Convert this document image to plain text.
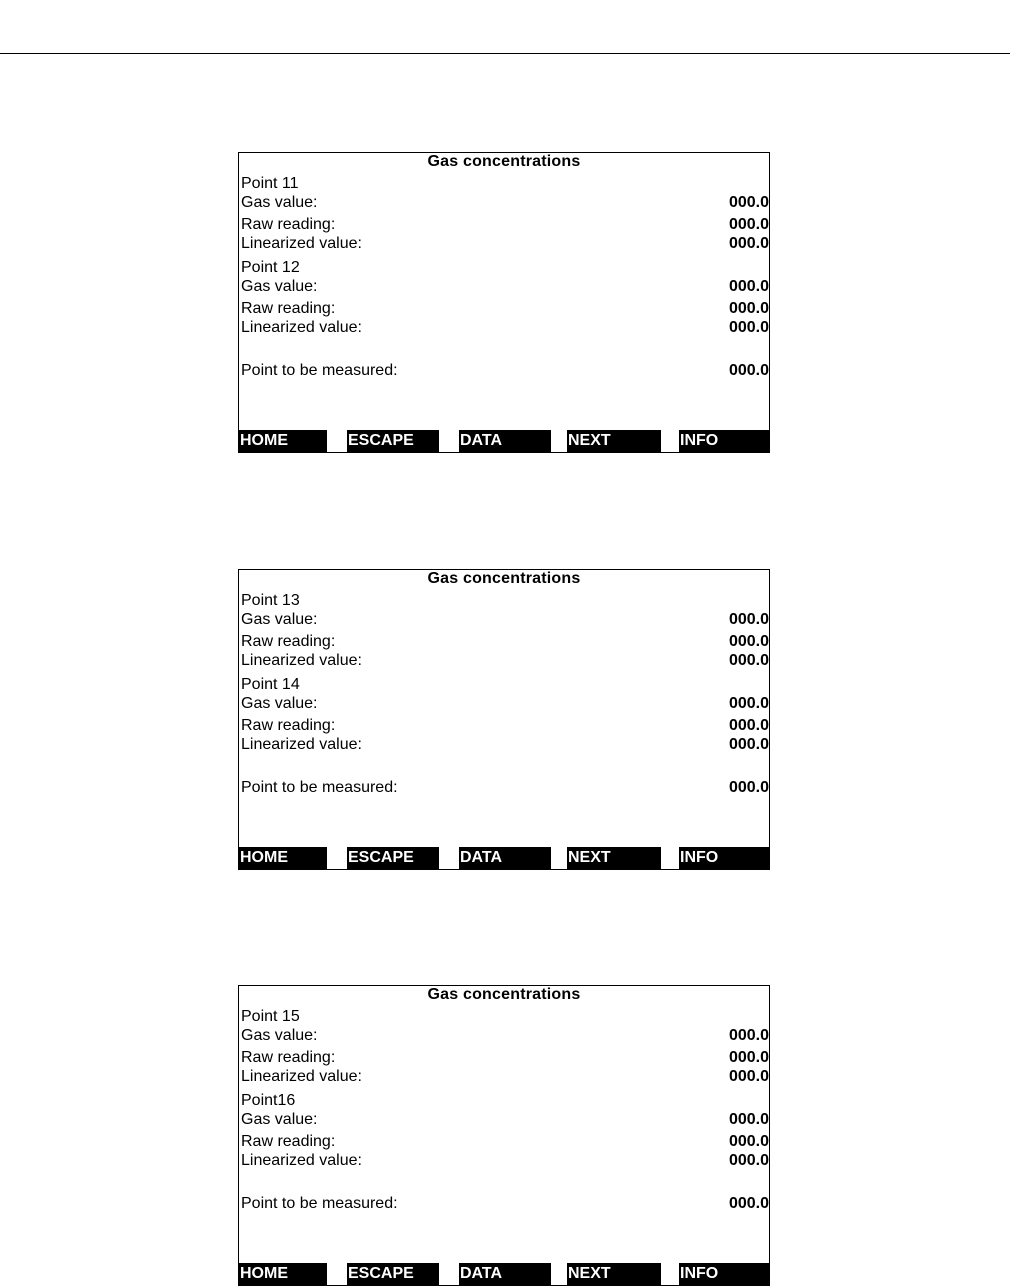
Gas concentrations
Point 11
Gas value:	000.0
Raw reading:	000.0
Linearized value:	000.0
Point 12
Gas value:	000.0
Raw reading:	000.0
Linearized value:	000.0
Point to be measured:	000.0
HOME	ESCAPE	DATA	NEXT	INFO
Gas concentrations
Point 13
Gas value:	000.0
Raw reading:	000.0
Linearized value:	000.0
Point 14
Gas value:	000.0
Raw reading:	000.0
Linearized value:	000.0
Point to be measured:	000.0
HOME	ESCAPE	DATA	NEXT	INFO
Gas concentrations
Point 15
Gas value:	000.0
Raw reading:	000.0
Linearized value:	000.0
Point16
Gas value:	000.0
Raw reading:	000.0
Linearized value:	000.0
Point to be measured:	000.0
HOME	ESCAPE	DATA	NEXT	INFO
